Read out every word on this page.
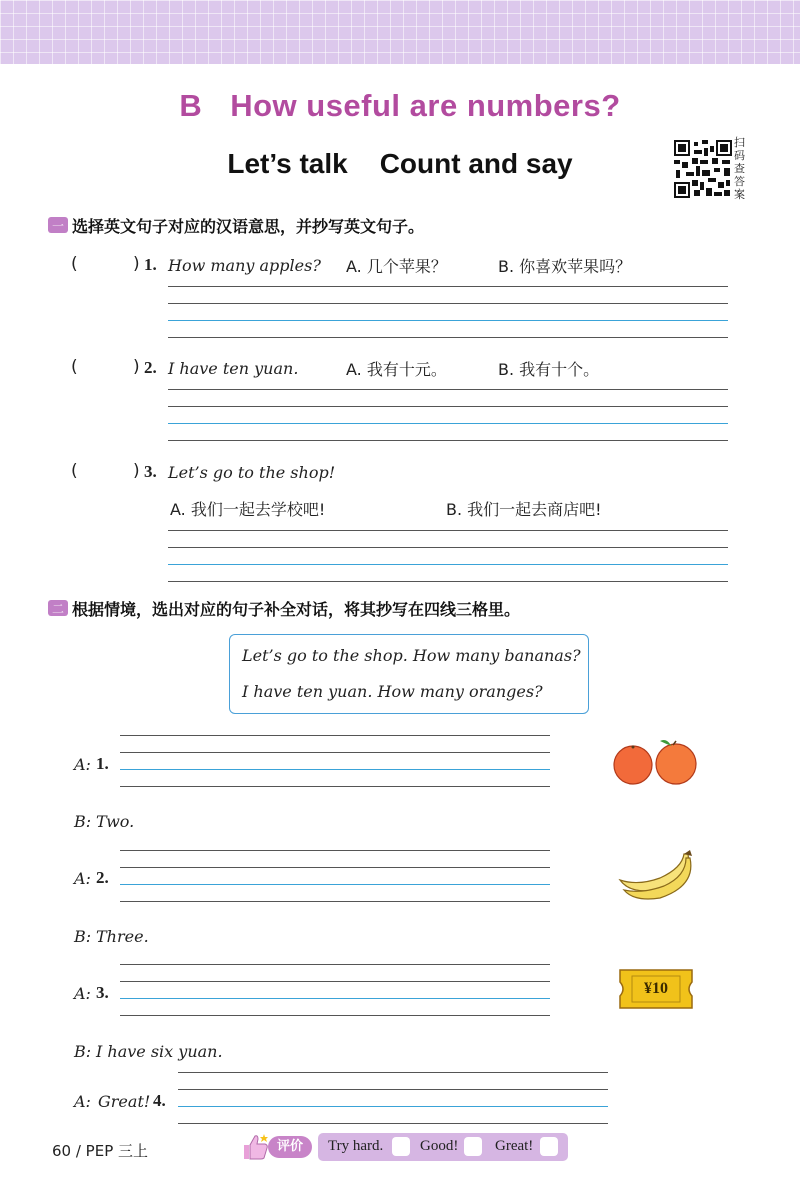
B How useful are numbers?
Let’s talk Count and say
扫
码
查
答
案
一 选择英文句子对应的汉语意思，并抄写英文句子。
(	) 1. How many apples? A. 几个苹果？	B. 你喜欢苹果吗？
(	) 2. I have ten yuan.	A. 我有十元。	B. 我有十个。
(	) 3. Let’s go to the shop!
A. 我们一起去学校吧!	B. 我们一起去商店吧!
二 根据情境，选出对应的句子补全对话，将其抄写在四线三格里。
Let’s go to the shop. How many bananas?
I have ten yuan. How many oranges?
A: 1.
B: Two.
A: 2.
B: Three.
A: 3.	¥10
B: I have six yuan.
A: Great! 4.
60 / PEP 三上	评价	Try hard. Good! Great!
